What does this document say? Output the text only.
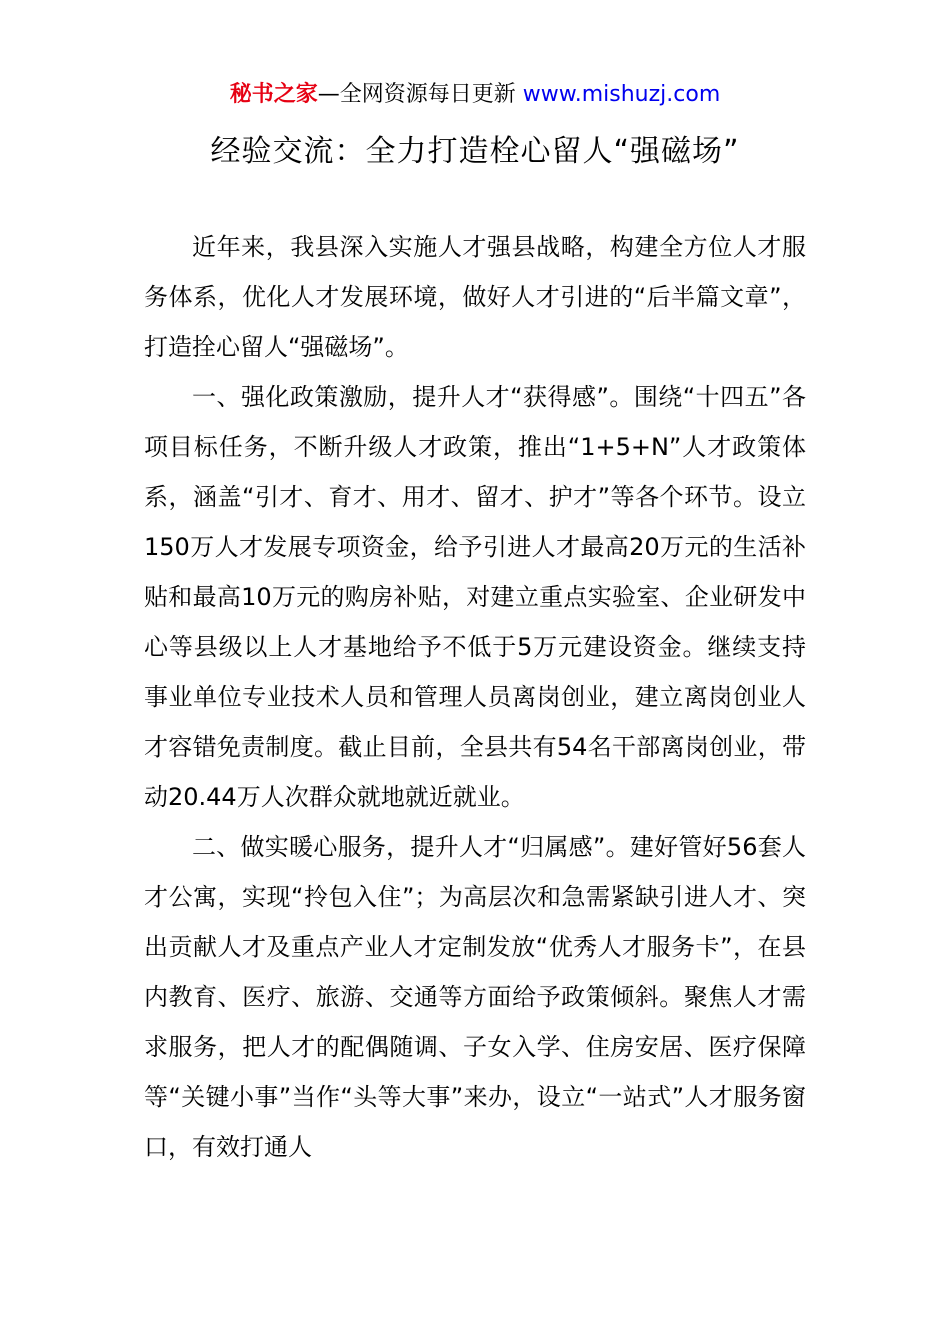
秘书之家—全网资源每日更新 www.mishuzj.com
经验交流：全力打造栓心留人“强磁场”

近年来，我县深入实施人才强县战略，构建全方位人才服务体系，优化人才发展环境，做好人才引进的“后半篇文章”，打造拴心留人“强磁场”。

一、强化政策激励，提升人才“获得感”。围绕“十四五”各项目标任务，不断升级人才政策，推出“1+5+N”人才政策体系，涵盖“引才、育才、用才、留才、护才”等各个环节。设立150万人才发展专项资金，给予引进人才最高20万元的生活补贴和最高10万元的购房补贴，对建立重点实验室、企业研发中心等县级以上人才基地给予不低于5万元建设资金。继续支持事业单位专业技术人员和管理人员离岗创业，建立离岗创业人才容错免责制度。截止目前，全县共有54名干部离岗创业，带动20.44万人次群众就地就近就业。

二、做实暖心服务，提升人才“归属感”。建好管好56套人才公寓，实现“拎包入住”；为高层次和急需紧缺引进人才、突出贡献人才及重点产业人才定制发放“优秀人才服务卡”，在县内教育、医疗、旅游、交通等方面给予政策倾斜。聚焦人才需求服务，把人才的配偶随调、子女入学、住房安居、医疗保障等“关键小事”当作“头等大事”来办，设立“一站式”人才服务窗口，有效打通人
